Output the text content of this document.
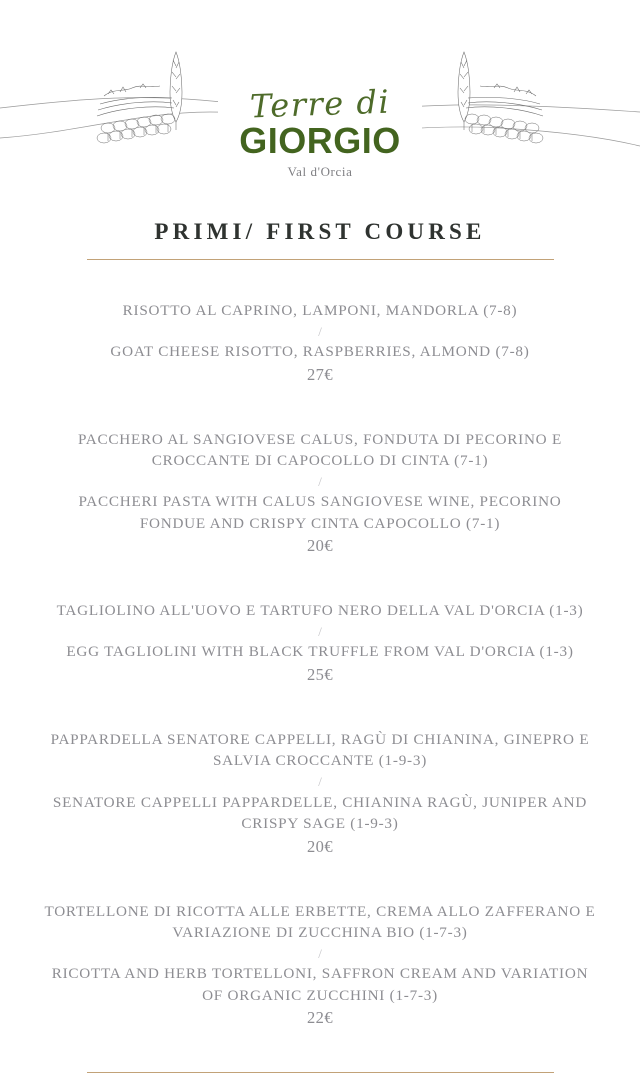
Terre di
GIORGIO
Val d'Orcia
PRIMI/ FIRST COURSE
RISOTTO AL CAPRINO, LAMPONI, MANDORLA (7-8)
/
GOAT CHEESE RISOTTO, RASPBERRIES, ALMOND (7-8)
27€
PACCHERO AL SANGIOVESE CALUS, FONDUTA DI PECORINO E
CROCCANTE DI CAPOCOLLO DI CINTA (7-1)
/
PACCHERI PASTA WITH CALUS SANGIOVESE WINE, PECORINO
FONDUE AND CRISPY CINTA CAPOCOLLO (7-1)
20€
TAGLIOLINO ALL'UOVO E TARTUFO NERO DELLA VAL D'ORCIA (1-3)
/
EGG TAGLIOLINI WITH BLACK TRUFFLE FROM VAL D'ORCIA (1-3)
25€
PAPPARDELLA SENATORE CAPPELLI, RAGÙ DI CHIANINA, GINEPRO E
SALVIA CROCCANTE (1-9-3)
/
SENATORE CAPPELLI PAPPARDELLE, CHIANINA RAGÙ, JUNIPER AND
CRISPY SAGE (1-9-3)
20€
TORTELLONE DI RICOTTA ALLE ERBETTE, CREMA ALLO ZAFFERANO E
VARIAZIONE DI ZUCCHINA BIO (1-7-3)
/
RICOTTA AND HERB TORTELLONI, SAFFRON CREAM AND VARIATION
OF ORGANIC ZUCCHINI (1-7-3)
22€
